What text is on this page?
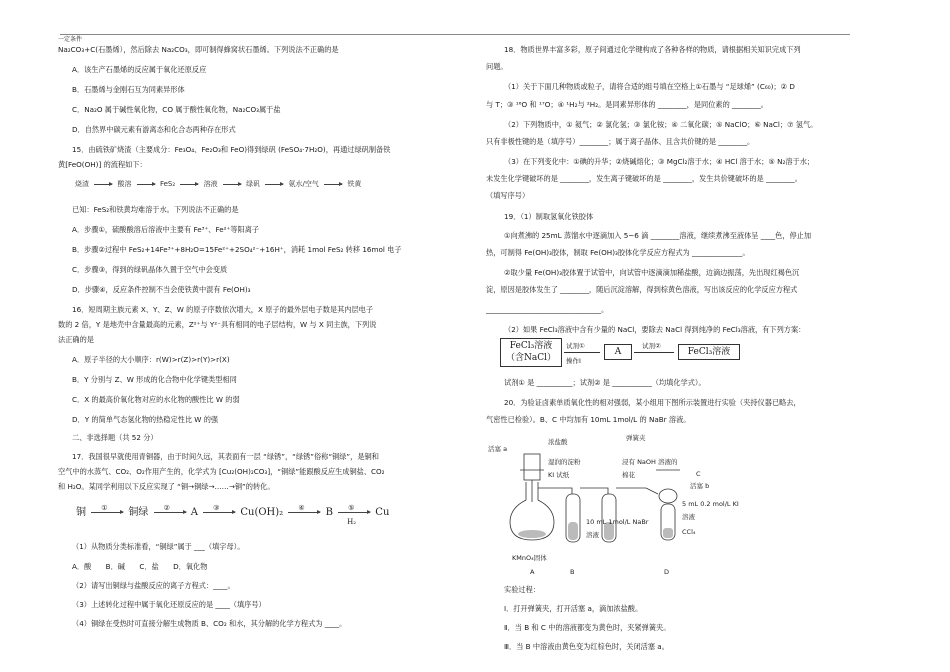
一定条件
Na₂CO₃+C(石墨烯），然后除去 Na₂CO₃，即可制得蜂窝状石墨烯。下列说法不正确的是
A．该生产石墨烯的反应属于氧化还原反应
B．石墨烯与金刚石互为同素异形体
C．Na₂O 属于碱性氧化物，CO 属于酸性氧化物，Na₂CO₃属于盐
D．自然界中碳元素有游离态和化合态两种存在形式
15．由硫铁矿烧渣（主要成分：Fe₃O₄、Fe₂O₃和 FeO)得到绿矾 (FeSO₄·7H₂O)，再通过绿矾制备铁
黄[FeO(OH)] 的流程如下：
烧渣	酸溶	FeS₂	溶液	绿矾	氨水/空气	铁黄
已知：FeS₂和铁黄均难溶于水。下列说法不正确的是
A．步骤①，硫酸酸溶后溶液中主要有 Fe³⁺、Fe²⁺等阳离子
B．步骤②过程中 FeS₂+14Fe³⁺+8H₂O=15Fe²⁺+2SO₄²⁻+16H⁺，消耗 1mol FeS₂ 转移 16mol 电子
C．步骤③，得到的绿矾晶体久置于空气中会变质
D．步骤④，反应条件控制不当会使铁黄中混有 Fe(OH)₃
16．短周期主族元素 X、Y、Z、W 的原子序数依次增大，X 原子的最外层电子数是其内层电子
数的 2 倍，Y 是地壳中含量最高的元素，Z²⁺与 Y²⁻具有相同的电子层结构，W 与 X 同主族，下列说
法正确的是
A．原子半径的大小顺序：r(W)>r(Z)>r(Y)>r(X)
B．Y 分别与 Z、W 形成的化合物中化学键类型相同
C．X 的最高价氧化物对应的水化物的酸性比 W 的弱
D．Y 的简单气态氢化物的热稳定性比 W 的强
二、非选择题（共 52 分）
17．我国很早就使用青铜器，由于时间久远，其表面有一层 “绿锈”，“绿锈”俗称“铜绿”，是铜和
空气中的水蒸气、CO₂、O₂作用产生的，化学式为 [Cu₂(OH)₂CO₃]，“铜绿”能跟酸反应生成铜盐、CO₂
和 H₂O。某同学利用以下反应实现了 “铜→铜绿→……→铜”的转化。
铜 ① 铜绿 ② A ③ Cu(OH)₂ ④ B ⑤
H₂
Cu
（1）从物质分类标准看，“铜绿”属于 ___（填字母）。
A．酸　　B．碱　　C．盐　　D．氧化物
（2）请写出铜绿与盐酸反应的离子方程式：____。
（3）上述转化过程中属于氧化还原反应的是 ____（填序号）
（4）铜绿在受热时可直接分解生成物质 B、CO₂ 和水，其分解的化学方程式为 ____。
18．物质世界丰富多彩，原子间通过化学键构成了各种各样的物质，请根据相关知识完成下列
问题。
（1）关于下面几种物质或粒子，请将合适的组号填在空格上①石墨与 “足球烯” (C₆₀)；② D
与 T；③ ¹⁶O 和 ¹⁷O；④ ¹H₂与 ²H₂。是同素异形体的 ________，是同位素的 ________。
（2）下列物质中，① 氦气；② 氯化氢；③ 氯化铵；④ 二氧化碳；⑤ NaClO；⑥ NaCl；⑦ 氢气。
只有非极性键的是（填序号）________；属于离子晶体、且含共价键的是 ________。
（3）在下列变化中：①碘的升华；②烧碱熔化；③ MgCl₂溶于水；④ HCl 溶于水；⑤ N₂溶于水；
未发生化学键破坏的是 ________，发生离子键破坏的是 ________，发生共价键破坏的是 ________。
（填写序号）
19．（1）制取氢氧化铁胶体
①向煮沸的 25mL 蒸馏水中逐滴加入 5~6 滴 ________溶液，继续煮沸至液体呈 ____色，停止加
热，可制得 Fe(OH)₃胶体，制取 Fe(OH)₃胶体化学反应方程式为 ______________。
②取少量 Fe(OH)₃胶体置于试管中，向试管中逐滴滴加稀盐酸，边滴边振荡，先出现红褐色沉
淀，原因是胶体发生了 ________，随后沉淀溶解，得到棕黄色溶液，写出该反应的化学反应方程式
________________________________。
（2）如果 FeCl₃溶液中含有少量的 NaCl，要除去 NaCl 得到纯净的 FeCl₃溶液，有下列方案：
FeCl₃溶液
（含NaCl）
试剂①
操作Ⅰ
A
试剂②
FeCl₃溶液
试剂① 是 __________；试剂② 是 ___________（均填化学式）。
20．为验证卤素单质氧化性的相对强弱，某小组用下图所示装置进行实验（夹持仪器已略去，
气密性已检验）。B、C 中均加有 10mL 1mol/L 的 NaBr 溶液。
活塞 a
浓盐酸
湿润的淀粉 KI 试纸
KMnO₄固体
A
10 mL 1mol/L NaBr 溶液
B
弹簧夹
浸有 NaOH 溶液的棉花	C
活塞 b
5 mL 0.2 mol/L KI 溶液
CCl₄
D
实验过程：
Ⅰ．打开弹簧夹，打开活塞 a，滴加浓盐酸。
Ⅱ．当 B 和 C 中的溶液都变为黄色时，夹紧弹簧夹。
Ⅲ．当 B 中溶液由黄色变为红棕色时，关闭活塞 a。
